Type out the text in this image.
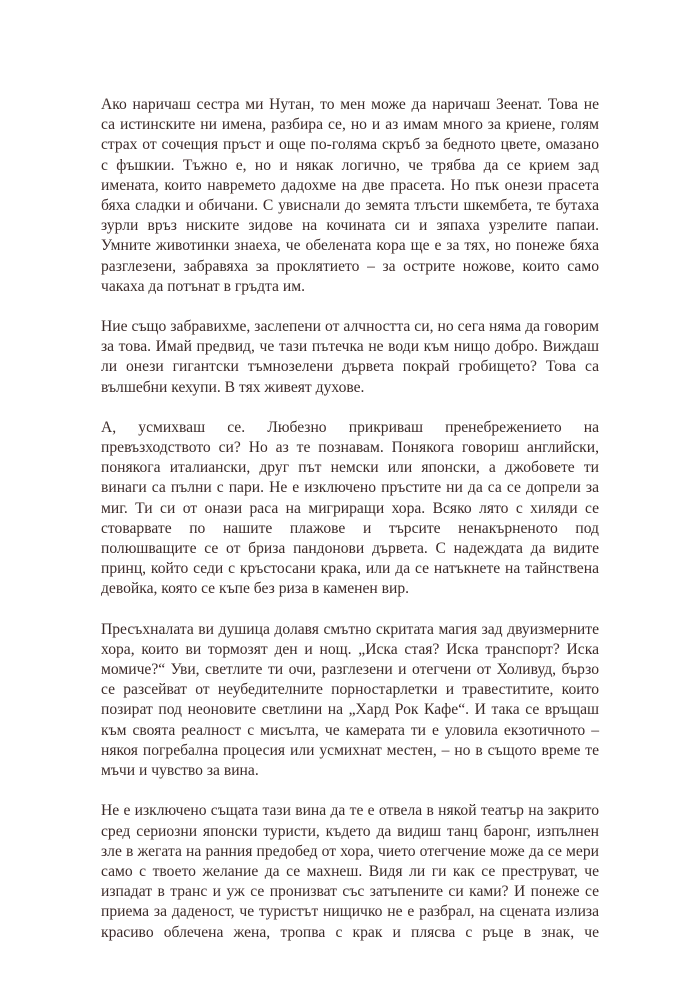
Ако наричаш сестра ми Нутан, то мен може да наричаш Зеенат. Това не
са истинските ни имена, разбира се, но и аз имам много за криене, голям
страх от сочещия пръст и още по-голяма скръб за бедното цвете, омазано
с фъшкии. Тъжно е, но и някак логично, че трябва да се крием зад
имената, които навремето дадохме на две прасета. Но пък онези прасета
бяха сладки и обичани. С увиснали до земята тлъсти шкембета, те бутаха
зурли връз ниските зидове на кочината си и зяпаха узрелите папаи.
Умните животинки знаеха, че обелената кора ще е за тях, но понеже бяха
разглезени, забравяха за проклятието – за острите ножове, които само
чакаха да потънат в гръдта им.

Ние също забравихме, заслепени от алчността си, но сега няма да говорим
за това. Имай предвид, че тази пътечка не води към нищо добро. Виждаш
ли онези гигантски тъмнозелени дървета покрай гробището? Това са
вълшебни кехупи. В тях живеят духове.

А, усмихваш се. Любезно прикриваш пренебрежението на
превъзходството си? Но аз те познавам. Понякога говориш английски,
понякога италиански, друг път немски или японски, а джобовете ти
винаги са пълни с пари. Не е изключено пръстите ни да са се допрели за
миг. Ти си от онази раса на мигриращи хора. Всяко лято с хиляди се
стоварвате по нашите плажове и търсите ненакърненото под
полюшващите се от бриза пандонови дървета. С надеждата да видите
принц, който седи с кръстосани крака, или да се натъкнете на тайнствена
девойка, която се къпе без риза в каменен вир.

Пресъхналата ви душица долавя смътно скритата магия зад двуизмерните
хора, които ви тормозят ден и нощ. „Иска стая? Иска транспорт? Иска
момиче?“ Уви, светлите ти очи, разглезени и отегчени от Холивуд, бързо
се разсейват от неубедителните порностарлетки и травеститите, които
позират под неоновите светлини на „Хард Рок Кафе“. И така се връщаш
към своята реалност с мисълта, че камерата ти е уловила екзотичното –
някоя погребална процесия или усмихнат местен, – но в същото време те
мъчи и чувство за вина.

Не е изключено същата тази вина да те е отвела в някой театър на закрито
сред сериозни японски туристи, където да видиш танц баронг, изпълнен
зле в жегата на ранния предобед от хора, чието отегчение може да се мери
само с твоето желание да се махнеш. Видя ли ги как се преструват, че
изпадат в транс и уж се пронизват със затъпените си ками? И понеже се
приема за даденост, че туристът нищичко не е разбрал, на сцената излиза
красиво облечена жена, тропва с крак и плясва с ръце в знак, че
